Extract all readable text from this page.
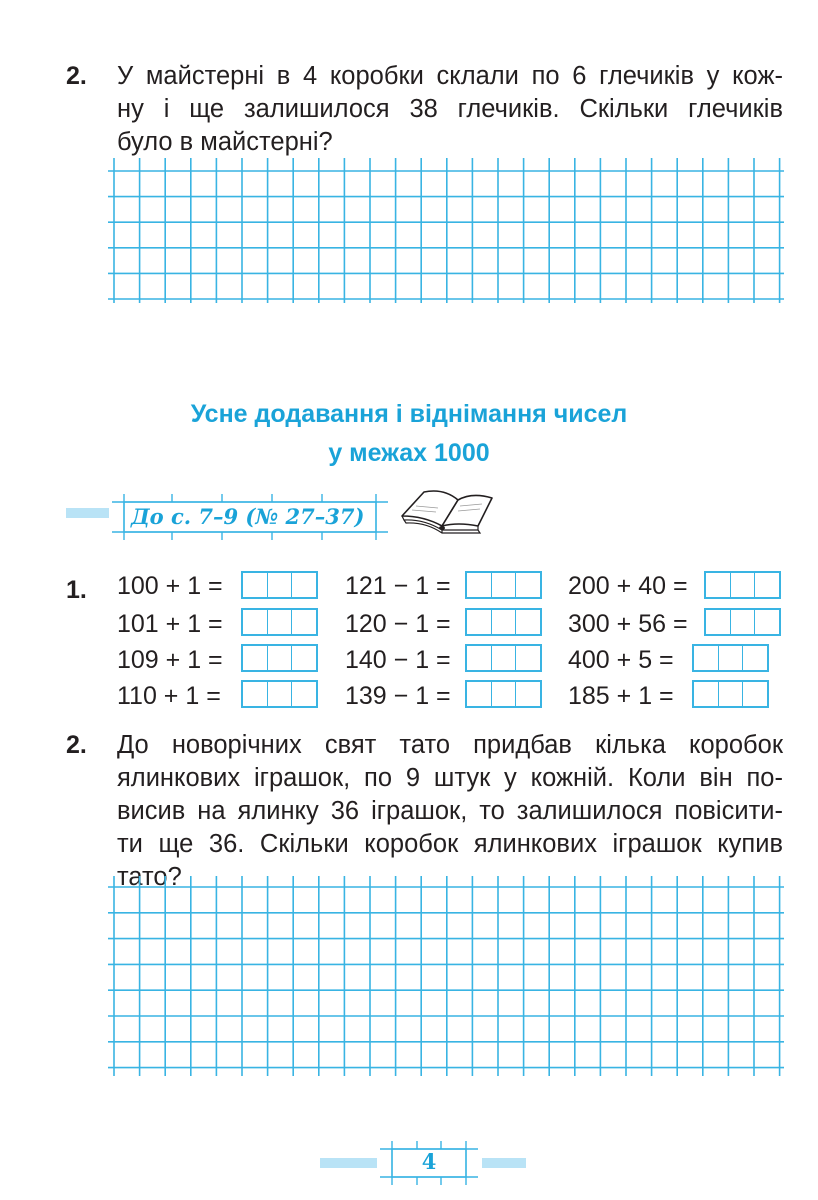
2. У майстерні в 4 коробки склали по 6 глечиків у кож-
ну і ще залишилося 38 глечиків. Скільки глечиків
було в майстерні?
Усне додавання і віднімання чисел
у межах 1000
До с. 7–9 (№ 27–37)
1. 100 + 1 =
101 + 1 =
109 + 1 =
110 + 1 =
121 − 1 =
120 − 1 =
140 − 1 =
139 − 1 =
200 + 40 =
300 + 56 =
400 + 5 =
185 + 1 =
2. До новорічних свят тато придбав кілька коробок
ялинкових іграшок, по 9 штук у кожній. Коли він по-
висив на ялинку 36 іграшок, то залишилося повісити-
ти ще 36. Скільки коробок ялинкових іграшок купив
тато?
4
